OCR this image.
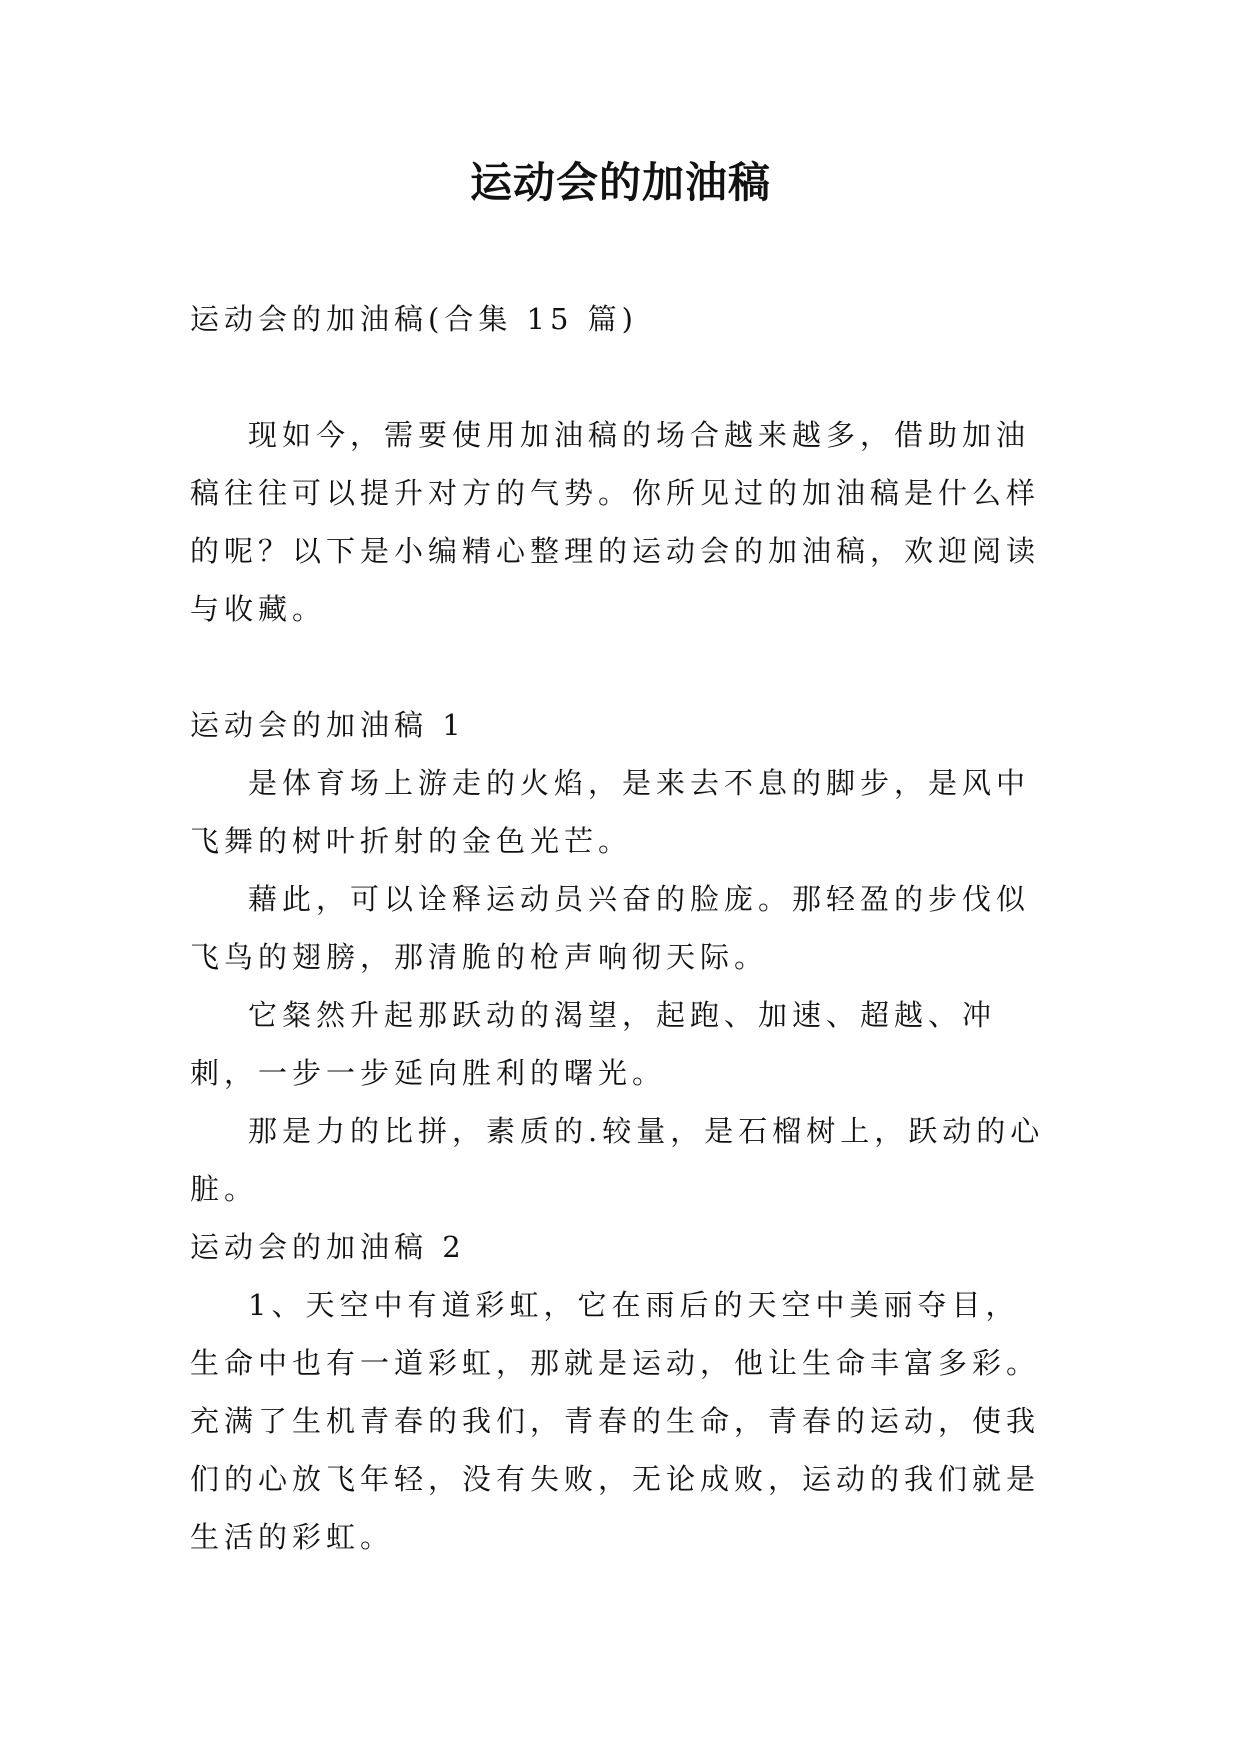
运动会的加油稿

运动会的加油稿(合集 15 篇)

现如今，需要使用加油稿的场合越来越多，借助加油稿往往可以提升对方的气势。你所见过的加油稿是什么样的呢？以下是小编精心整理的运动会的加油稿，欢迎阅读与收藏。

运动会的加油稿 1

是体育场上游走的火焰，是来去不息的脚步，是风中飞舞的树叶折射的金色光芒。

藉此，可以诠释运动员兴奋的脸庞。那轻盈的步伐似飞鸟的翅膀，那清脆的枪声响彻天际。

它粲然升起那跃动的渴望，起跑、加速、超越、冲刺，一步一步延向胜利的曙光。

那是力的比拼，素质的.较量，是石榴树上，跃动的心脏。

运动会的加油稿 2

1、天空中有道彩虹，它在雨后的天空中美丽夺目，生命中也有一道彩虹，那就是运动，他让生命丰富多彩。充满了生机青春的我们，青春的生命，青春的运动，使我们的心放飞年轻，没有失败，无论成败，运动的我们就是生活的彩虹。
